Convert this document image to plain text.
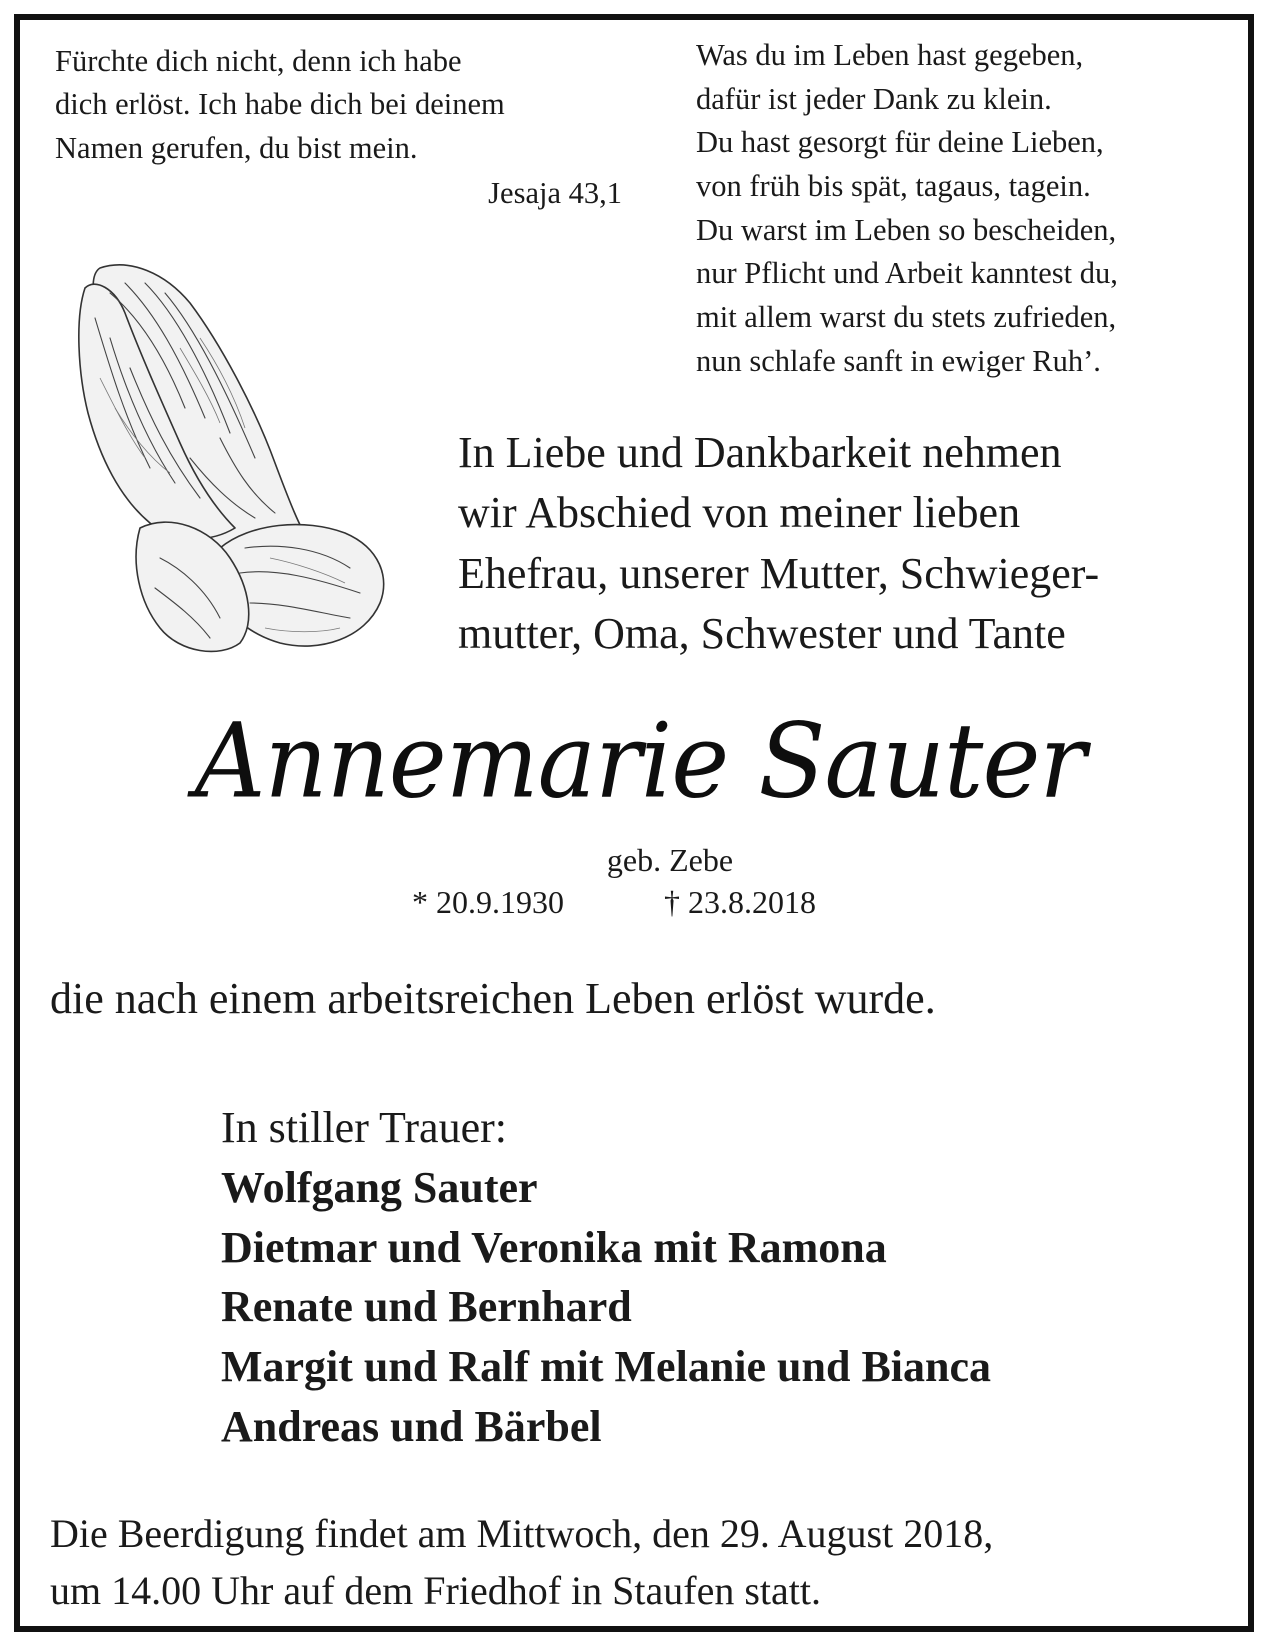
Fürchte dich nicht, denn ich habe
dich erlöst. Ich habe dich bei deinem
Namen gerufen, du bist mein.
Jesaja 43,1
Was du im Leben hast gegeben,
dafür ist jeder Dank zu klein.
Du hast gesorgt für deine Lieben,
von früh bis spät, tagaus, tagein.
Du warst im Leben so bescheiden,
nur Pflicht und Arbeit kanntest du,
mit allem warst du stets zufrieden,
nun schlafe sanft in ewiger Ruh’.
In Liebe und Dankbarkeit nehmen
wir Abschied von meiner lieben
Ehefrau, unserer Mutter, Schwieger-
mutter, Oma, Schwester und Tante
Annemarie Sauter
geb. Zebe
* 20.9.1930	† 23.8.2018
die nach einem arbeitsreichen Leben erlöst wurde.
In stiller Trauer:
Wolfgang Sauter
Dietmar und Veronika mit Ramona
Renate und Bernhard
Margit und Ralf mit Melanie und Bianca
Andreas und Bärbel
Die Beerdigung findet am Mittwoch, den 29. August 2018,
um 14.00 Uhr auf dem Friedhof in Staufen statt.
